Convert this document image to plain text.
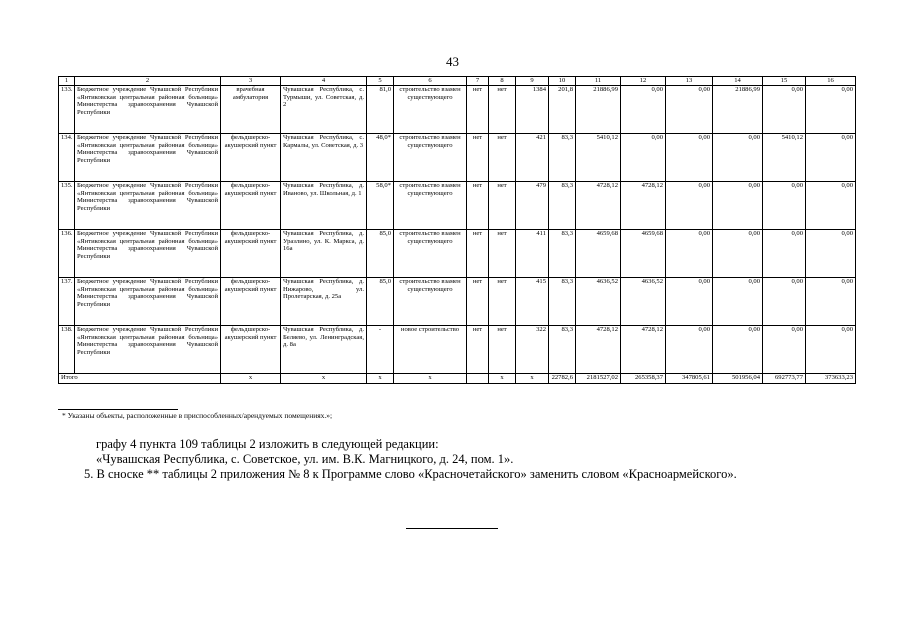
43
1	2	3	4	5	6	7	8	9	10	11	12	13	14	15	16
133.	Бюджетное учреждение Чувашской Республики «Янтиковская центральная районная больница» Министерства здравоохранения Чувашской Республики	врачебная амбулатория	Чувашская Республика, с. Турмыши, ул. Советская, д. 2	81,0	строительство взамен существующего	нет	нет	1384	201,8	21886,99	0,00	0,00	21886,99	0,00	0,00
134.	Бюджетное учреждение Чувашской Республики «Янтиковская центральная районная больница» Министерства здравоохранения Чувашской Республики	фельдшерско-акушерский пункт	Чувашская Республика, с. Кармалы, ул. Советская, д. 3	48,0*	строительство взамен существующего	нет	нет	421	83,3	5410,12	0,00	0,00	0,00	5410,12	0,00
135.	Бюджетное учреждение Чувашской Республики «Янтиковская центральная районная больница» Министерства здравоохранения Чувашской Республики	фельдшерско-акушерский пункт	Чувашская Республика, д. Иваново, ул. Школьная, д. 1	58,0*	строительство взамен существующего	нет	нет	479	83,3	4728,12	4728,12	0,00	0,00	0,00	0,00
136.	Бюджетное учреждение Чувашской Республики «Янтиковская центральная районная больница» Министерства здравоохранения Чувашской Республики	фельдшерско-акушерский пункт	Чувашская Республика, д. Уразлино, ул. К. Маркса, д. 16а	85,0	строительство взамен существующего	нет	нет	411	83,3	4659,68	4659,68	0,00	0,00	0,00	0,00
137.	Бюджетное учреждение Чувашской Республики «Янтиковская центральная районная больница» Министерства здравоохранения Чувашской Республики	фельдшерско-акушерский пункт	Чувашская Республика, д. Нижарово, ул. Пролетарская, д. 25а	85,0	строительство взамен существующего	нет	нет	415	83,3	4636,52	4636,52	0,00	0,00	0,00	0,00
138.	Бюджетное учреждение Чувашской Республики «Янтиковская центральная районная больница» Министерства здравоохранения Чувашской Республики	фельдшерско-акушерский пункт	Чувашская Республика, д. Беляево, ул. Ленинградская, д. 8а	-	новое строительство	нет	нет	322	83,3	4728,12	4728,12	0,00	0,00	0,00	0,00
Итого		х	х	х	х		х	х	22782,6	2181527,02	265358,37	347805,61	501956,04	692773,77	373633,23
* Указаны объекты, расположенные в приспособленных/арендуемых помещениях.»;
графу 4 пункта 109 таблицы 2 изложить в следующей редакции:
«Чувашская Республика, с. Советское, ул. им. В.К. Магницкого, д. 24, пом. 1».
5. В сноске ** таблицы 2 приложения № 8 к Программе слово «Красночетайского» заменить словом «Красноармейского».
